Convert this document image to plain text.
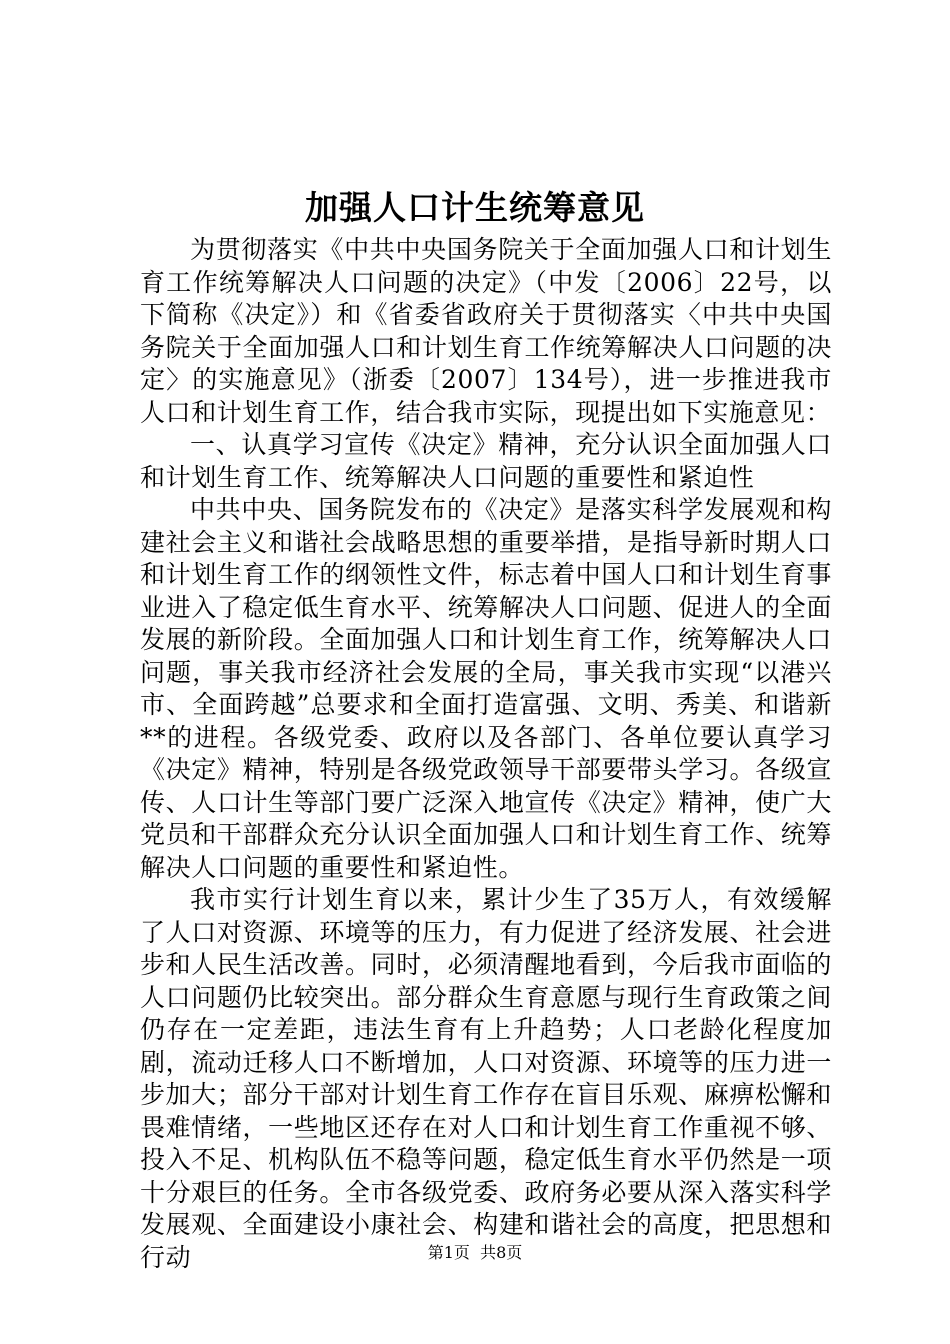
加强人口计生统筹意见

为贯彻落实《中共中央国务院关于全面加强人口和计划生育工作统筹解决人口问题的决定》（中发〔2006〕22号，以下简称《决定》）和《省委省政府关于贯彻落实〈中共中央国务院关于全面加强人口和计划生育工作统筹解决人口问题的决定〉的实施意见》（浙委〔2007〕134号），进一步推进我市人口和计划生育工作，结合我市实际，现提出如下实施意见：

一、认真学习宣传《决定》精神，充分认识全面加强人口和计划生育工作、统筹解决人口问题的重要性和紧迫性

中共中央、国务院发布的《决定》是落实科学发展观和构建社会主义和谐社会战略思想的重要举措，是指导新时期人口和计划生育工作的纲领性文件，标志着中国人口和计划生育事业进入了稳定低生育水平、统筹解决人口问题、促进人的全面发展的新阶段。全面加强人口和计划生育工作，统筹解决人口问题，事关我市经济社会发展的全局，事关我市实现“以港兴市、全面跨越”总要求和全面打造富强、文明、秀美、和谐新**的进程。各级党委、政府以及各部门、各单位要认真学习《决定》精神，特别是各级党政领导干部要带头学习。各级宣传、人口计生等部门要广泛深入地宣传《决定》精神，使广大党员和干部群众充分认识全面加强人口和计划生育工作、统筹解决人口问题的重要性和紧迫性。

我市实行计划生育以来，累计少生了35万人，有效缓解了人口对资源、环境等的压力，有力促进了经济发展、社会进步和人民生活改善。同时，必须清醒地看到，今后我市面临的人口问题仍比较突出。部分群众生育意愿与现行生育政策之间仍存在一定差距，违法生育有上升趋势；人口老龄化程度加剧，流动迁移人口不断增加，人口对资源、环境等的压力进一步加大；部分干部对计划生育工作存在盲目乐观、麻痹松懈和畏难情绪，一些地区还存在对人口和计划生育工作重视不够、投入不足、机构队伍不稳等问题，稳定低生育水平仍然是一项十分艰巨的任务。全市各级党委、政府务必要从深入落实科学发展观、全面建设小康社会、构建和谐社会的高度，把思想和行动	第1页 共8页
